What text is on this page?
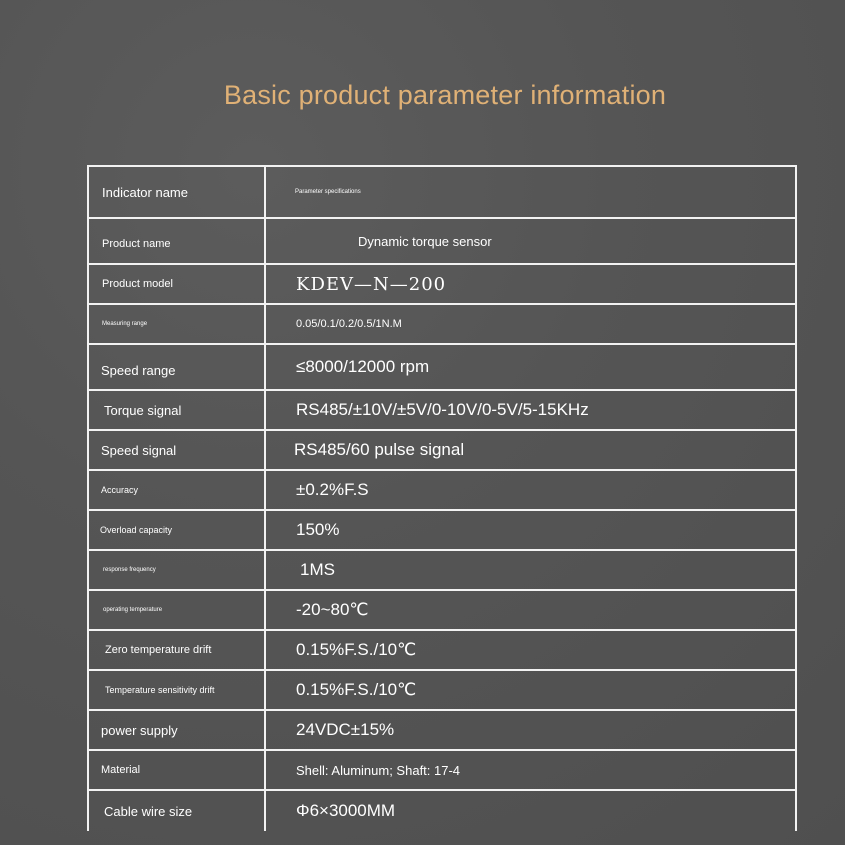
Basic product parameter information
Indicator name	Parameter specifications
Product name	Dynamic torque sensor
Product model	KDEV—N—200
Measuring range	0.05/0.1/0.2/0.5/1N.M
Speed range	≤8000/12000 rpm
Torque signal	RS485/±10V/±5V/0-10V/0-5V/5-15KHz
Speed signal	RS485/60 pulse signal
Accuracy	±0.2%F.S
Overload capacity	150%
response frequency	1MS
operating temperature	-20~80℃
Zero temperature drift	0.15%F.S./10℃
Temperature sensitivity drift	0.15%F.S./10℃
power supply	24VDC±15%
Material	Shell: Aluminum; Shaft: 17-4
Cable wire size	Φ6×3000MM
